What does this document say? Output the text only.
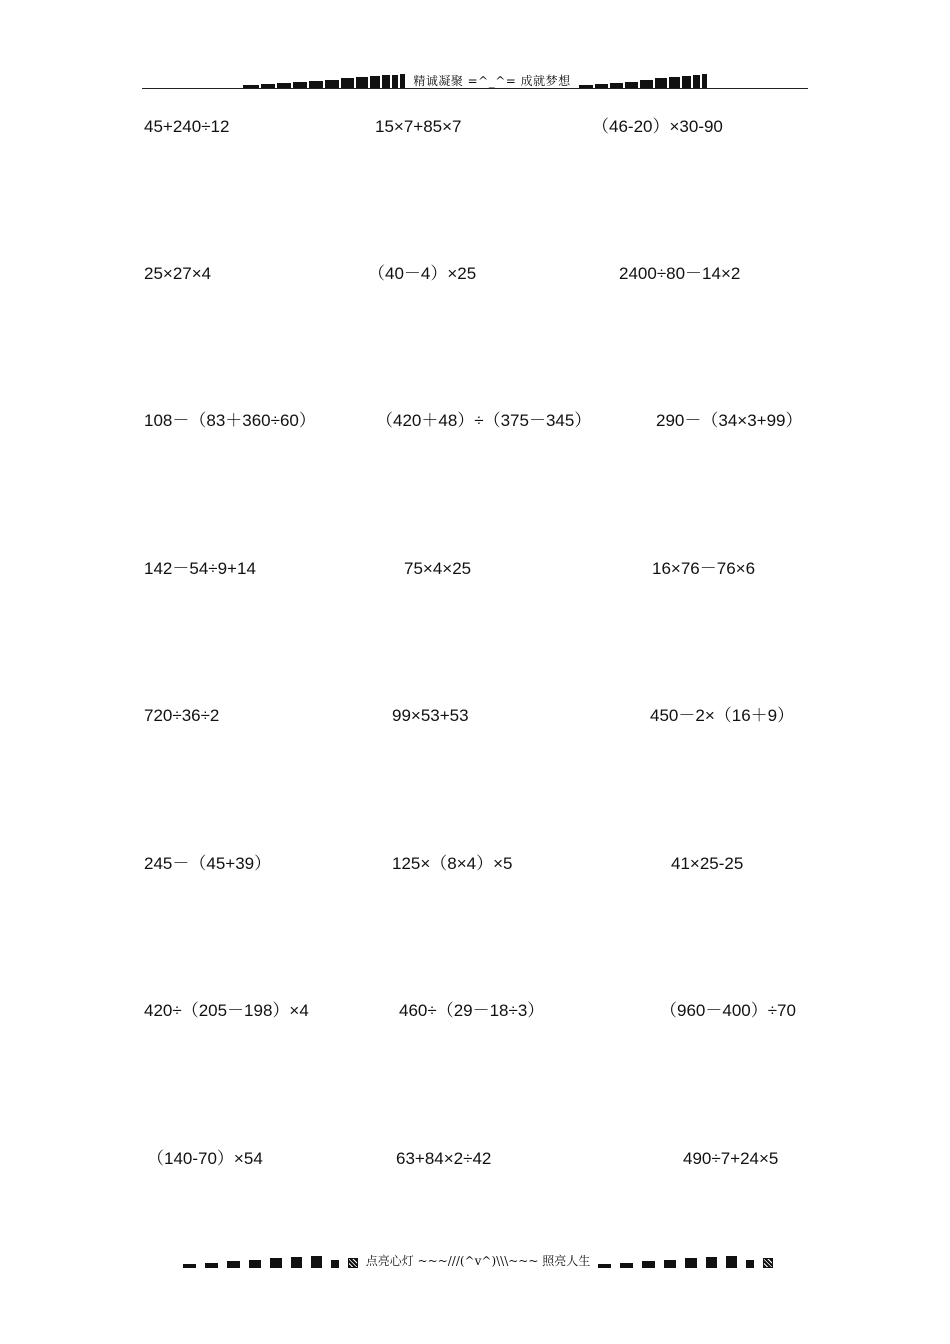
精诚凝聚 =^_^= 成就梦想
45+240÷12	15×7+85×7	（46-20）×30-90
25×27×4	（40－4）×25	2400÷80－14×2
108－（83＋360÷60）	（420＋48）÷（375－345）	290－（34×3+99）
142－54÷9+14	75×4×25	16×76－76×6
720÷36÷2	99×53+53	450－2×（16＋9）
245－（45+39）	125×（8×4）×5	41×25-25
420÷（205－198）×4	460÷（29－18÷3）	（960－400）÷70
（140-70）×54	63+84×2÷42	490÷7+24×5
点亮心灯 ~~~///(^v^)\\\~~~ 照亮人生
